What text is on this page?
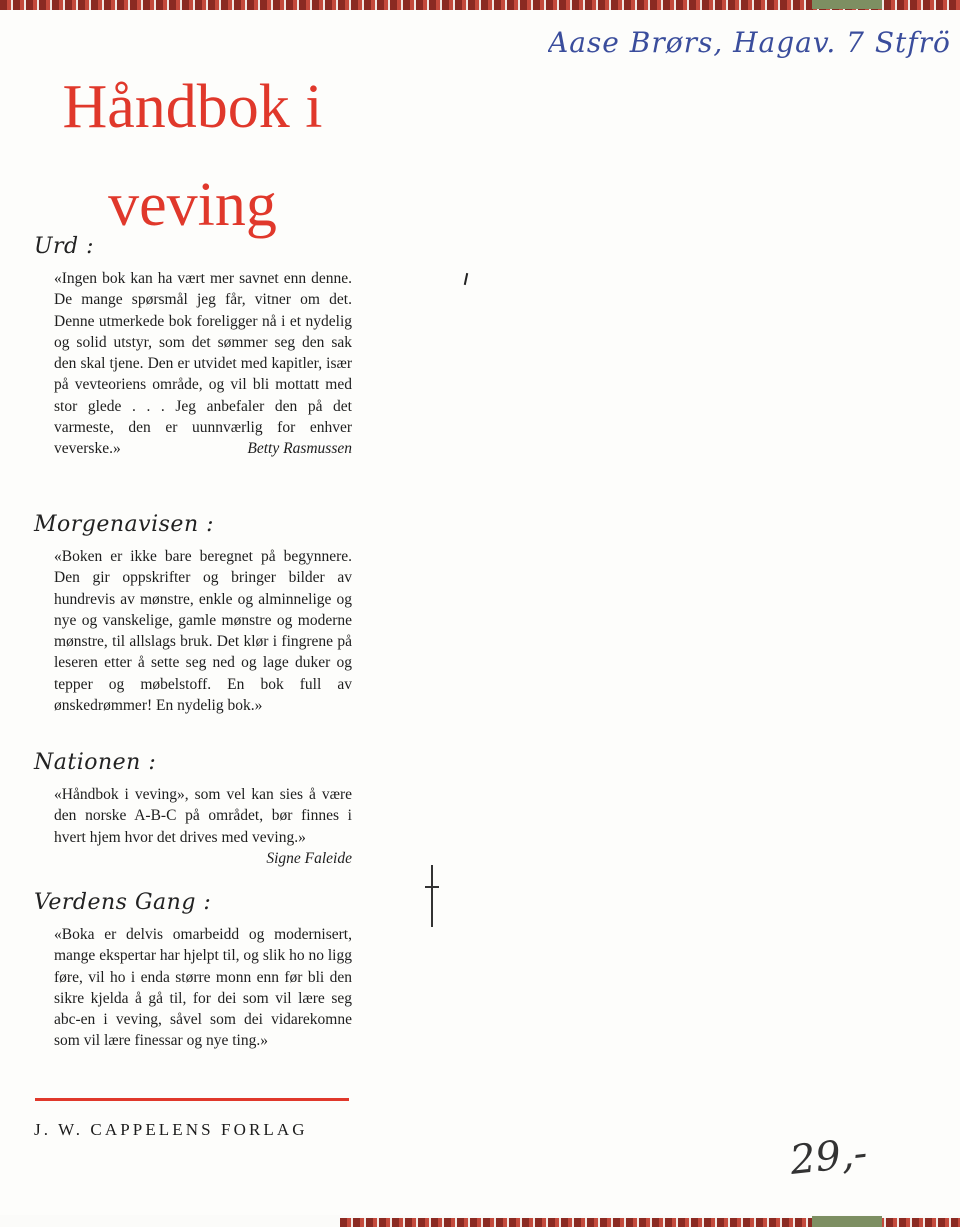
Håndbok i veving
Urd :

«Ingen bok kan ha vært mer savnet enn denne. De mange spørsmål jeg får, vitner om det. Denne utmerkede bok foreligger nå i et nydelig og solid utstyr, som det sømmer seg den sak den skal tjene. Den er utvidet med kapitler, især på vevteoriens område, og vil bli mottatt med stor glede . . . Jeg anbefaler den på det varmeste, den er uunnværlig for enhver veverske.»	Betty Rasmussen

Morgenavisen :

«Boken er ikke bare beregnet på begynnere. Den gir oppskrifter og bringer bilder av hundrevis av mønstre, enkle og alminnelige og nye og vanskelige, gamle mønstre og moderne mønstre, til allslags bruk. Det klør i fingrene på leseren etter å sette seg ned og lage duker og tepper og møbelstoff. En bok full av ønskedrømmer! En nydelig bok.»

Nationen :

«Håndbok i veving», som vel kan sies å være den norske A-B-C på området, bør finnes i hvert hjem hvor det drives med veving.»
Signe Faleide

Verdens Gang :

«Boka er delvis omarbeidd og modernisert, mange ekspertar har hjelpt til, og slik ho no ligg føre, vil ho i enda større monn enn før bli den sikre kjelda å gå til, for dei som vil lære seg abc-en i veving, såvel som dei vidarekomne som vil lære finessar og nye ting.»

J. W. CAPPELENS FORLAG
Aase Brørs, Hagav. 7 Stfrö
29,-
